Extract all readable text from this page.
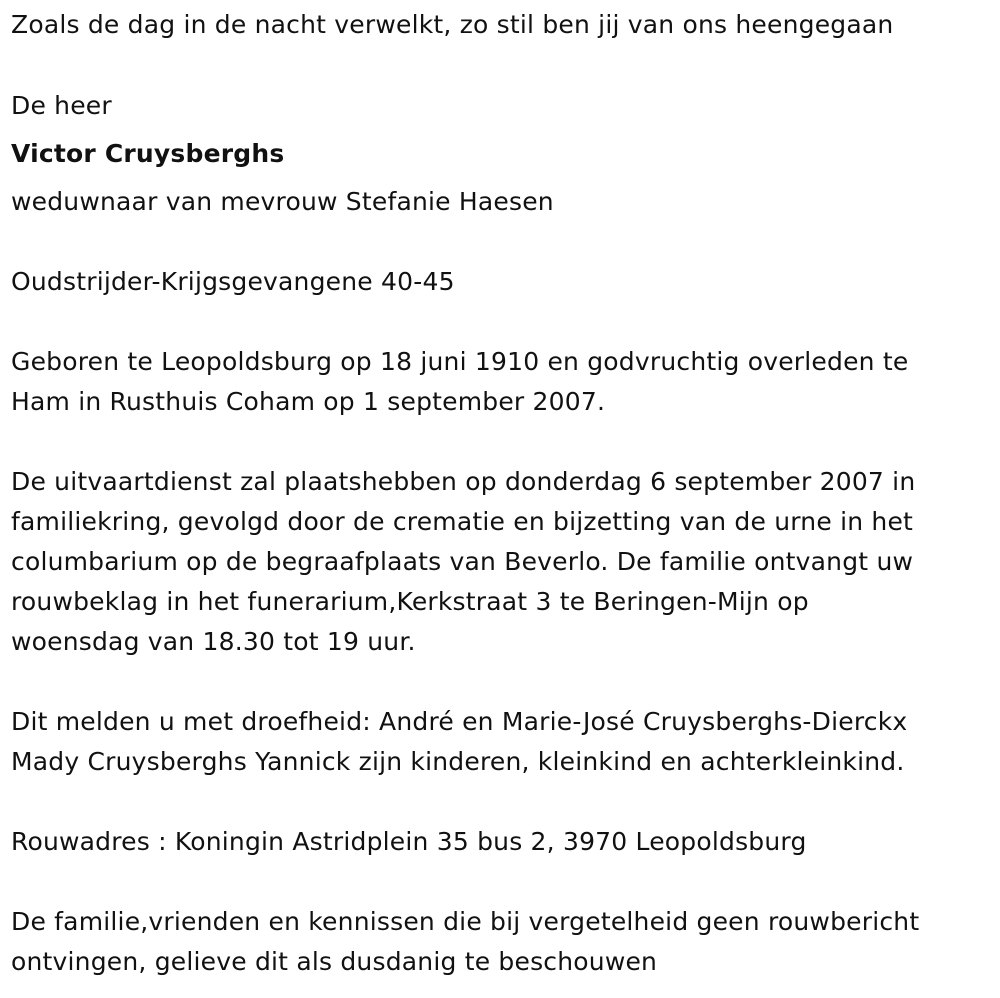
Zoals de dag in de nacht verwelkt, zo stil ben jij van ons heengegaan

De heer

Victor Cruysberghs

weduwnaar van mevrouw Stefanie Haesen

Oudstrijder-Krijgsgevangene 40-45

Geboren te Leopoldsburg op 18 juni 1910 en godvruchtig overleden te

Ham in Rusthuis Coham op 1 september 2007.

De uitvaartdienst zal plaatshebben op donderdag 6 september 2007 in

familiekring, gevolgd door de crematie en bijzetting van de urne in het

columbarium op de begraafplaats van Beverlo. De familie ontvangt uw

rouwbeklag in het funerarium,Kerkstraat 3 te Beringen-Mijn op

woensdag van 18.30 tot 19 uur.

Dit melden u met droefheid: André en Marie-José Cruysberghs-Dierckx

Mady Cruysberghs Yannick zijn kinderen, kleinkind en achterkleinkind.

Rouwadres : Koningin Astridplein 35 bus 2, 3970 Leopoldsburg

De familie,vrienden en kennissen die bij vergetelheid geen rouwbericht

ontvingen, gelieve dit als dusdanig te beschouwen
